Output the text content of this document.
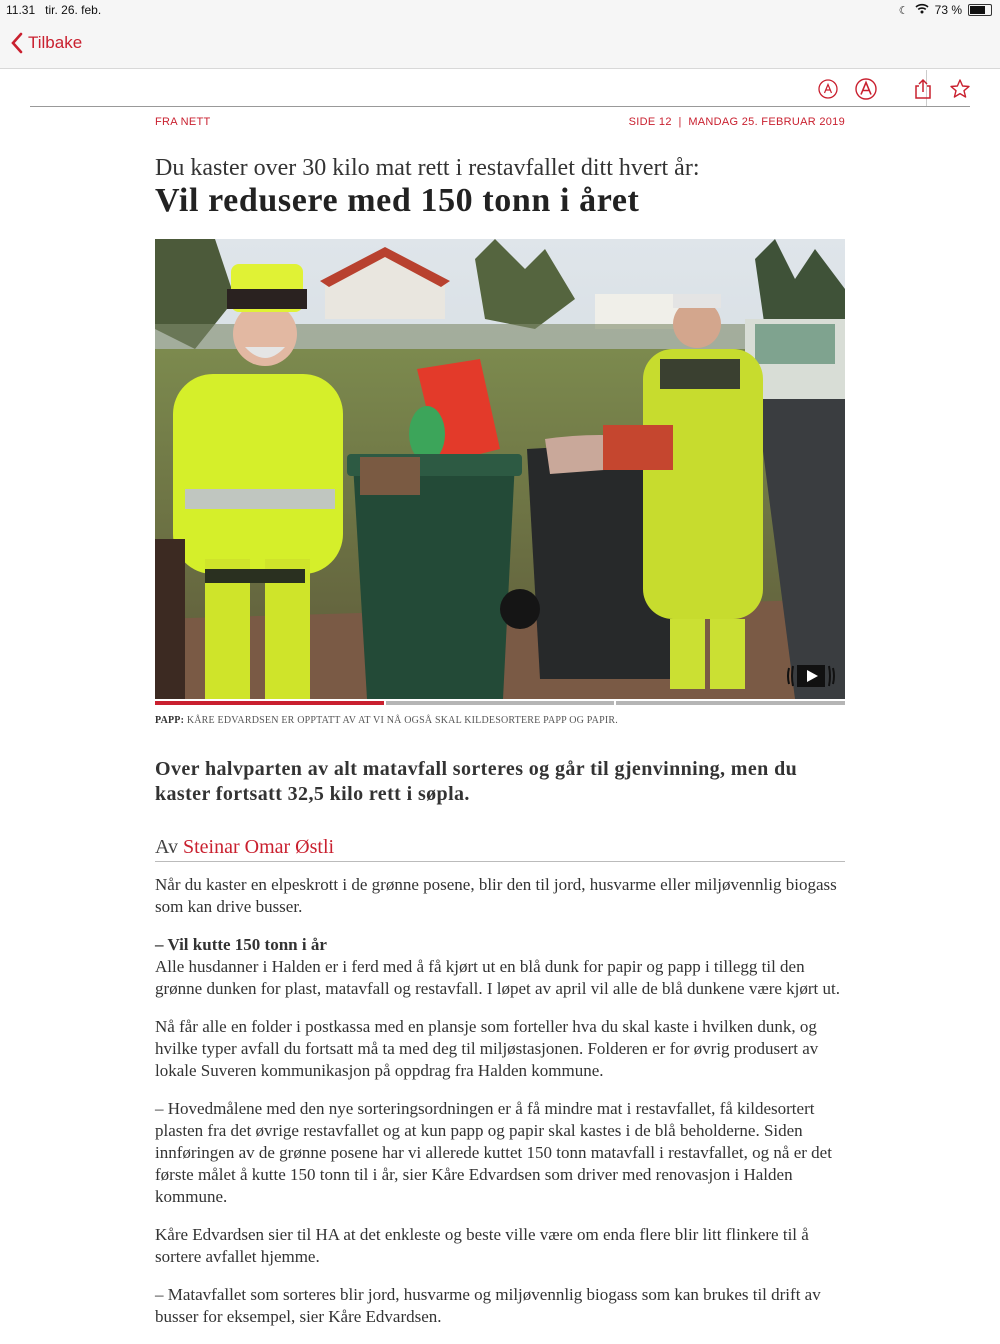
11.31 tir. 26. feb.	☾ 73 %
Tilbake
FRA NETT	SIDE 12  |  MANDAG 25. FEBRUAR 2019
Du kaster over 30 kilo mat rett i restavfallet ditt hvert år:
Vil redusere med 150 tonn i året
PAPP: KÅRE EDVARDSEN ER OPPTATT AV AT VI NÅ OGSÅ SKAL KILDESORTERE PAPP OG PAPIR.
Over halvparten av alt matavfall sorteres og går til gjenvinning, men du kaster fortsatt 32,5 kilo rett i søpla.
Av Steinar Omar Østli

Når du kaster en elpeskrott i de grønne posene, blir den til jord, husvarme eller miljøvennlig biogass som kan drive busser.

– Vil kutte 150 tonn i år
Alle husdanner i Halden er i ferd med å få kjørt ut en blå dunk for papir og papp i tillegg til den grønne dunken for plast, matavfall og restavfall. I løpet av april vil alle de blå dunkene være kjørt ut.

Nå får alle en folder i postkassa med en plansje som forteller hva du skal kaste i hvilken dunk, og hvilke typer avfall du fortsatt må ta med deg til miljøstasjonen. Folderen er for øvrig produsert av lokale Suveren kommunikasjon på oppdrag fra Halden kommune.

– Hovedmålene med den nye sorteringsordningen er å få mindre mat i restavfallet, få kildesortert plasten fra det øvrige restavfallet og at kun papp og papir skal kastes i de blå beholderne. Siden innføringen av de grønne posene har vi allerede kuttet 150 tonn matavfall i restavfallet, og nå er det første målet å kutte 150 tonn til i år, sier Kåre Edvardsen som driver med renovasjon i Halden kommune.

Kåre Edvardsen sier til HA at det enkleste og beste ville være om enda flere blir litt flinkere til å sortere avfallet hjemme.

– Matavfallet som sorteres blir jord, husvarme og miljøvennlig biogass som kan brukes til drift av busser for eksempel, sier Kåre Edvardsen.
